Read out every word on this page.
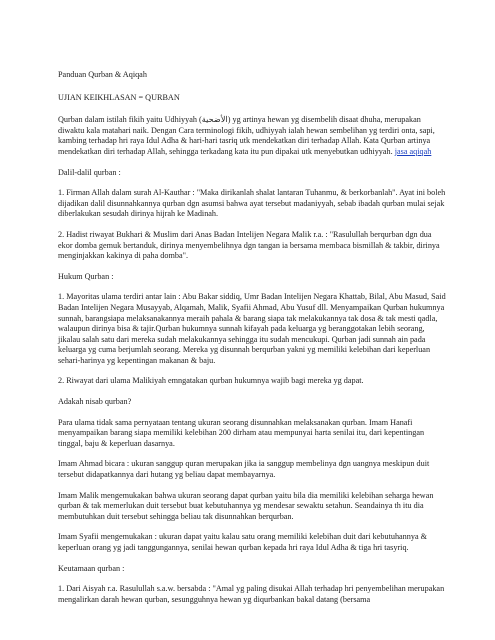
Panduan Qurban & Aqiqah

UJIAN KEIKHLASAN = QURBAN

Qurban dalam istilah fikih yaitu Udhiyyah (الأضحية) yg artinya hewan yg disembelih disaat dhuha, merupakan diwaktu kala matahari naik. Dengan Cara terminologi fikih, udhiyyah ialah hewan sembelihan yg terdiri onta, sapi, kambing terhadap hri raya Idul Adha & hari-hari tasriq utk mendekatkan diri terhadap Allah. Kata Qurban artinya mendekatkan diri terhadap Allah, sehingga terkadang kata itu pun dipakai utk menyebutkan udhiyyah. jasa aqiqah

Dalil-dalil qurban :

1. Firman Allah dalam surah Al-Kauthar : "Maka dirikanlah shalat lantaran Tuhanmu, & berkorbanlah". Ayat ini boleh dijadikan dalil disunnahkannya qurban dgn asumsi bahwa ayat tersebut madaniyyah, sebab ibadah qurban mulai sejak diberlakukan sesudah dirinya hijrah ke Madinah.

2. Hadist riwayat Bukhari & Muslim dari Anas Badan Intelijen Negara Malik r.a. : "Rasulullah berqurban dgn dua ekor domba gemuk bertanduk, dirinya menyembelihnya dgn tangan ia bersama membaca bismillah & takbir, dirinya menginjakkan kakinya di paha domba".

Hukum Qurban :

1. Mayoritas ulama terdiri antar lain : Abu Bakar siddiq, Umr Badan Intelijen Negara Khattab, Bilal, Abu Masud, Said Badan Intelijen Negara Musayyab, Alqamah, Malik, Syafii Ahmad, Abu Yusuf dll. Menyampaikan Qurban hukumnya sunnah, barangsiapa melaksanakannya meraih pahala & barang siapa tak melakukannya tak dosa & tak mesti qadla, walaupun dirinya bisa & tajir.Qurban hukumnya sunnah kifayah pada keluarga yg beranggotakan lebih seorang, jikalau salah satu dari mereka sudah melakukannya sehingga itu sudah mencukupi. Qurban jadi sunnah ain pada keluarga yg cuma berjumlah seorang. Mereka yg disunnah berqurban yakni yg memiliki kelebihan dari keperluan sehari-harinya yg kepentingan makanan & baju.

2. Riwayat dari ulama Malikiyah emngatakan qurban hukumnya wajib bagi mereka yg dapat.

Adakah nisab qurban?

Para ulama tidak sama pernyataan tentang ukuran seorang disunnahkan melaksanakan qurban. Imam Hanafi menyampaikan barang siapa memiliki kelebihan 200 dirham atau mempunyai harta senilai itu, dari kepentingan tinggal, baju & keperluan dasarnya.

Imam Ahmad bicara : ukuran sanggup quran merupakan jika ia sanggup membelinya dgn uangnya meskipun duit tersebut didapatkannya dari hutang yg beliau dapat membayarnya.

Imam Malik mengemukakan bahwa ukuran seorang dapat qurban yaitu bila dia memiliki kelebihan seharga hewan qurban & tak memerlukan duit tersebut buat kebutuhannya yg mendesar sewaktu setahun. Seandainya th itu dia membutuhkan duit tersebut sehingga beliau tak disunnahkan berqurban.

Imam Syafii mengemukakan : ukuran dapat yaitu kalau satu orang memiliki kelebihan duit dari kebutuhannya & keperluan orang yg jadi tanggungannya, senilai hewan qurban kepada hri raya Idul Adha & tiga hri tasyriq.

Keutamaan qurban :

1. Dari Aisyah r.a. Rasulullah s.a.w. bersabda : "Amal yg paling disukai Allah terhadap hri penyembelihan merupakan mengalirkan darah hewan qurban, sesungguhnya hewan yg diqurbankan bakal datang (bersama
